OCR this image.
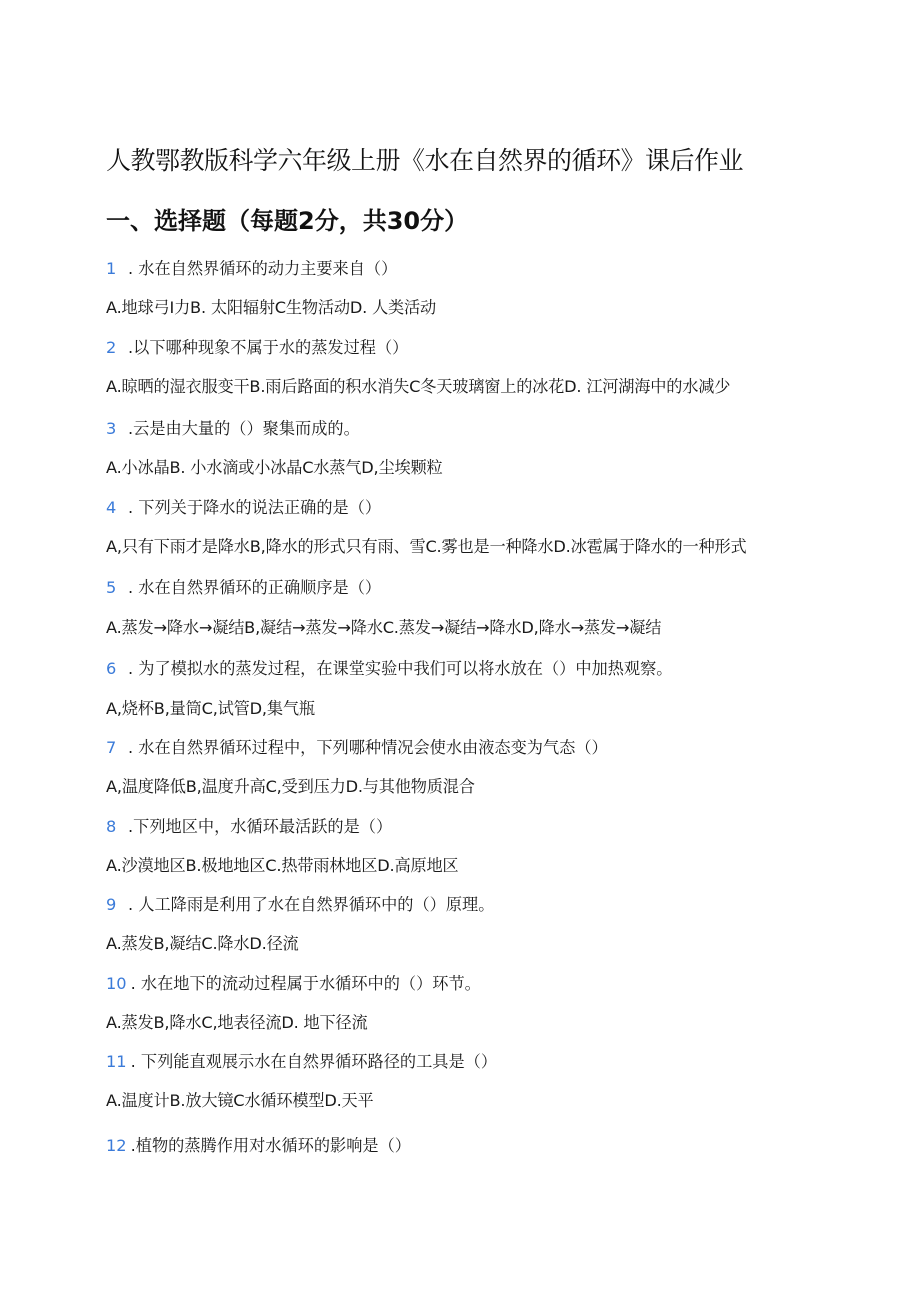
人教鄂教版科学六年级上册《水在自然界的循环》课后作业
一、选择题（每题2分，共30分）
1 . 水在自然界循环的动力主要来自（）
A.地球弓I力B. 太阳辐射C生物活动D. 人类活动
2 .以下哪种现象不属于水的蒸发过程（）
A.晾晒的湿衣服变干B.雨后路面的积水消失C冬天玻璃窗上的冰花D. 江河湖海中的水减少
3 .云是由大量的（）聚集而成的。
A.小冰晶B. 小水滴或小冰晶C水蒸气D,尘埃颗粒
4 . 下列关于降水的说法正确的是（）
A,只有下雨才是降水B,降水的形式只有雨、雪C.雾也是一种降水D.冰雹属于降水的一种形式
5 . 水在自然界循环的正确顺序是（）
A.蒸发→降水→凝结B,凝结→蒸发→降水C.蒸发→凝结→降水D,降水→蒸发→凝结
6 . 为了模拟水的蒸发过程，在课堂实验中我们可以将水放在（）中加热观察。
A,烧杯B,量筒C,试管D,集气瓶
7 . 水在自然界循环过程中，下列哪种情况会使水由液态变为气态（）
A,温度降低B,温度升高C,受到压力D.与其他物质混合
8 .下列地区中，水循环最活跃的是（）
A.沙漠地区B.极地地区C.热带雨林地区D.高原地区
9 . 人工降雨是利用了水在自然界循环中的（）原理。
A.蒸发B,凝结C.降水D.径流
10 . 水在地下的流动过程属于水循环中的（）环节。
A.蒸发B,降水C,地表径流D. 地下径流
11 . 下列能直观展示水在自然界循环路径的工具是（）
A.温度计B.放大镜C水循环模型D.天平
12 .植物的蒸腾作用对水循环的影响是（）
